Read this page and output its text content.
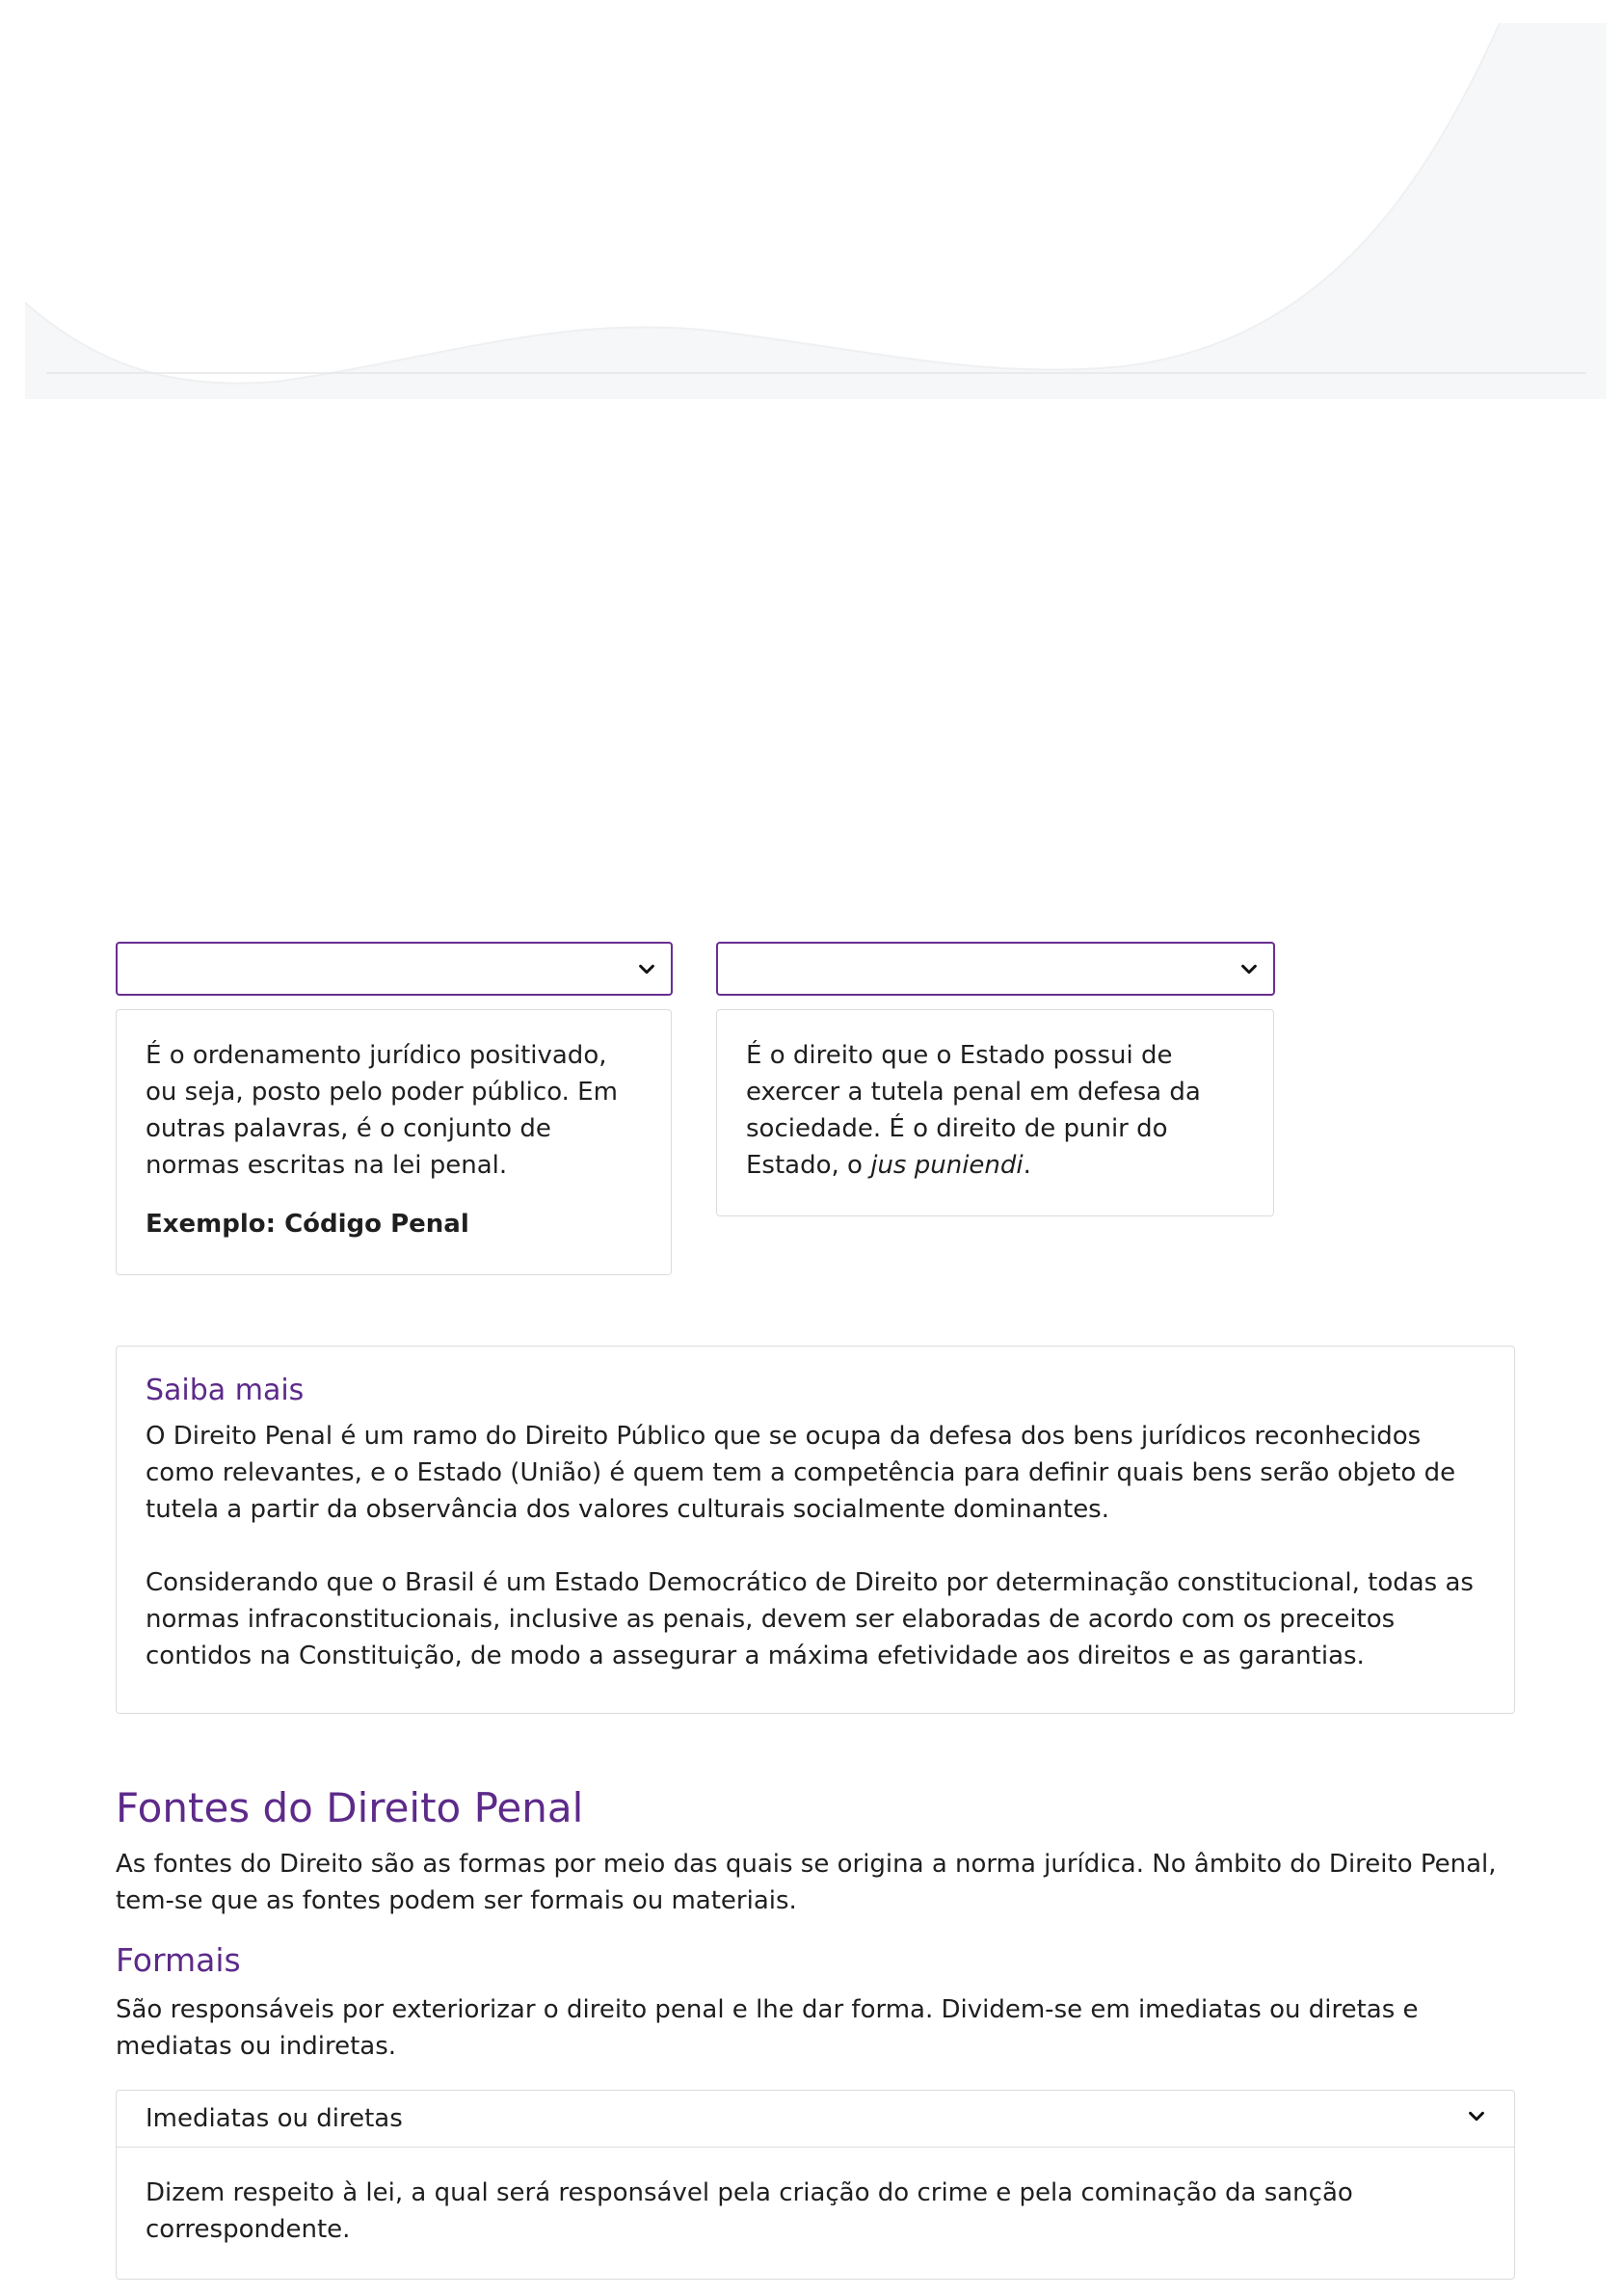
É o ordenamento jurídico positivado, ou seja, posto pelo poder público. Em outras palavras, é o conjunto de normas escritas na lei penal.

Exemplo: Código Penal

É o direito que o Estado possui de exercer a tutela penal em defesa da sociedade. É o direito de punir do Estado, o jus puniendi.

Saiba mais

O Direito Penal é um ramo do Direito Público que se ocupa da defesa dos bens jurídicos reconhecidos como relevantes, e o Estado (União) é quem tem a competência para definir quais bens serão objeto de tutela a partir da observância dos valores culturais socialmente dominantes.

Considerando que o Brasil é um Estado Democrático de Direito por determinação constitucional, todas as normas infraconstitucionais, inclusive as penais, devem ser elaboradas de acordo com os preceitos contidos na Constituição, de modo a assegurar a máxima efetividade aos direitos e as garantias.

Fontes do Direito Penal

As fontes do Direito são as formas por meio das quais se origina a norma jurídica. No âmbito do Direito Penal, tem-se que as fontes podem ser formais ou materiais.

Formais

São responsáveis por exteriorizar o direito penal e lhe dar forma. Dividem-se em imediatas ou diretas e mediatas ou indiretas.

Imediatas ou diretas
Dizem respeito à lei, a qual será responsável pela criação do crime e pela cominação da sanção correspondente.
